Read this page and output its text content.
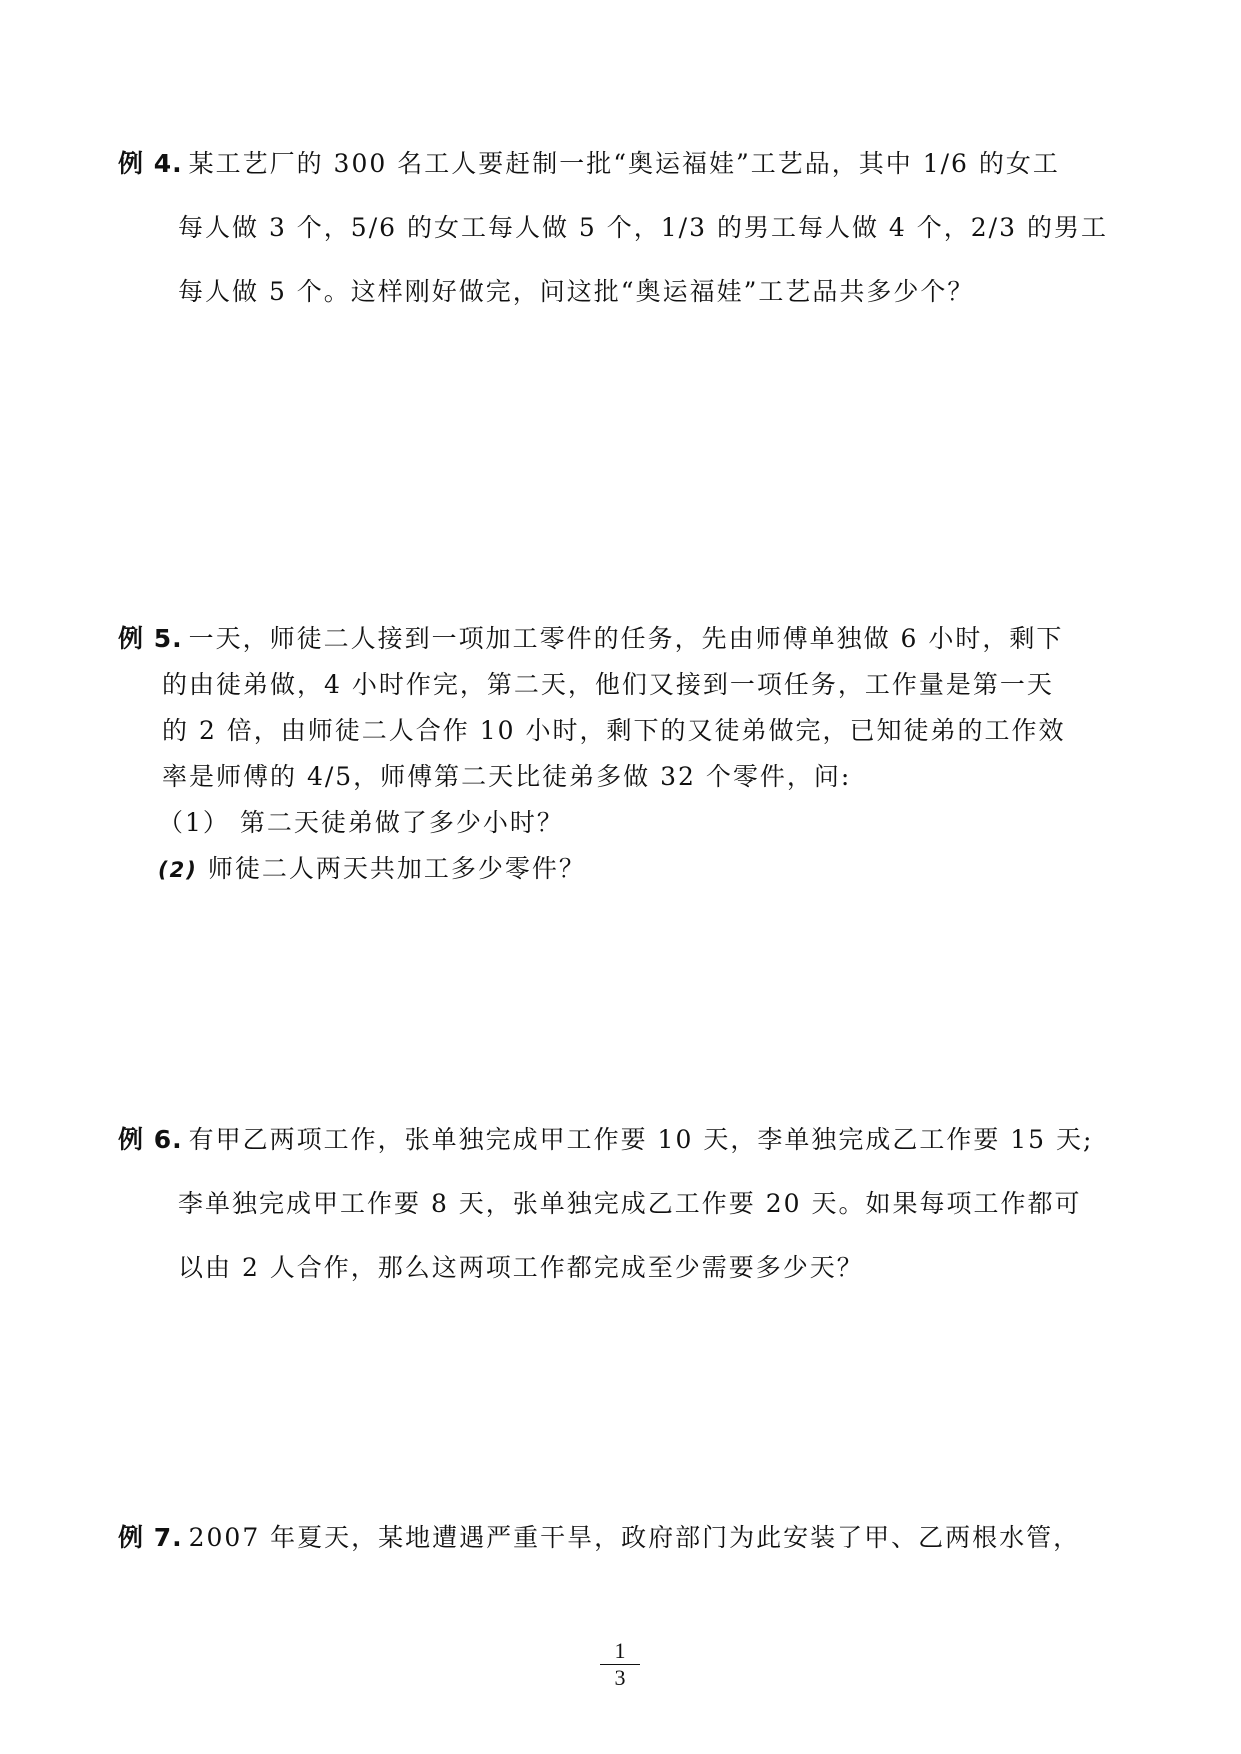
例 4. 某工艺厂的 300 名工人要赶制一批“奥运福娃”工艺品，其中 1/6 的女工
每人做 3 个，5/6 的女工每人做 5 个，1/3 的男工每人做 4 个，2/3 的男工
每人做 5 个。这样刚好做完，问这批“奥运福娃”工艺品共多少个？
例 5. 一天，师徒二人接到一项加工零件的任务，先由师傅单独做 6 小时，剩下
的由徒弟做，4 小时作完，第二天，他们又接到一项任务，工作量是第一天
的 2 倍，由师徒二人合作 10 小时，剩下的又徒弟做完，已知徒弟的工作效
率是师傅的 4/5，师傅第二天比徒弟多做 32 个零件，问:
（1） 第二天徒弟做了多少小时？
(2) 师徒二人两天共加工多少零件？
例 6. 有甲乙两项工作，张单独完成甲工作要 10 天，李单独完成乙工作要 15 天;
李单独完成甲工作要 8 天，张单独完成乙工作要 20 天。如果每项工作都可
以由 2 人合作，那么这两项工作都完成至少需要多少天？
例 7. 2007 年夏天，某地遭遇严重干旱，政府部门为此安装了甲、乙两根水管，
$\frac{1}{3}$
